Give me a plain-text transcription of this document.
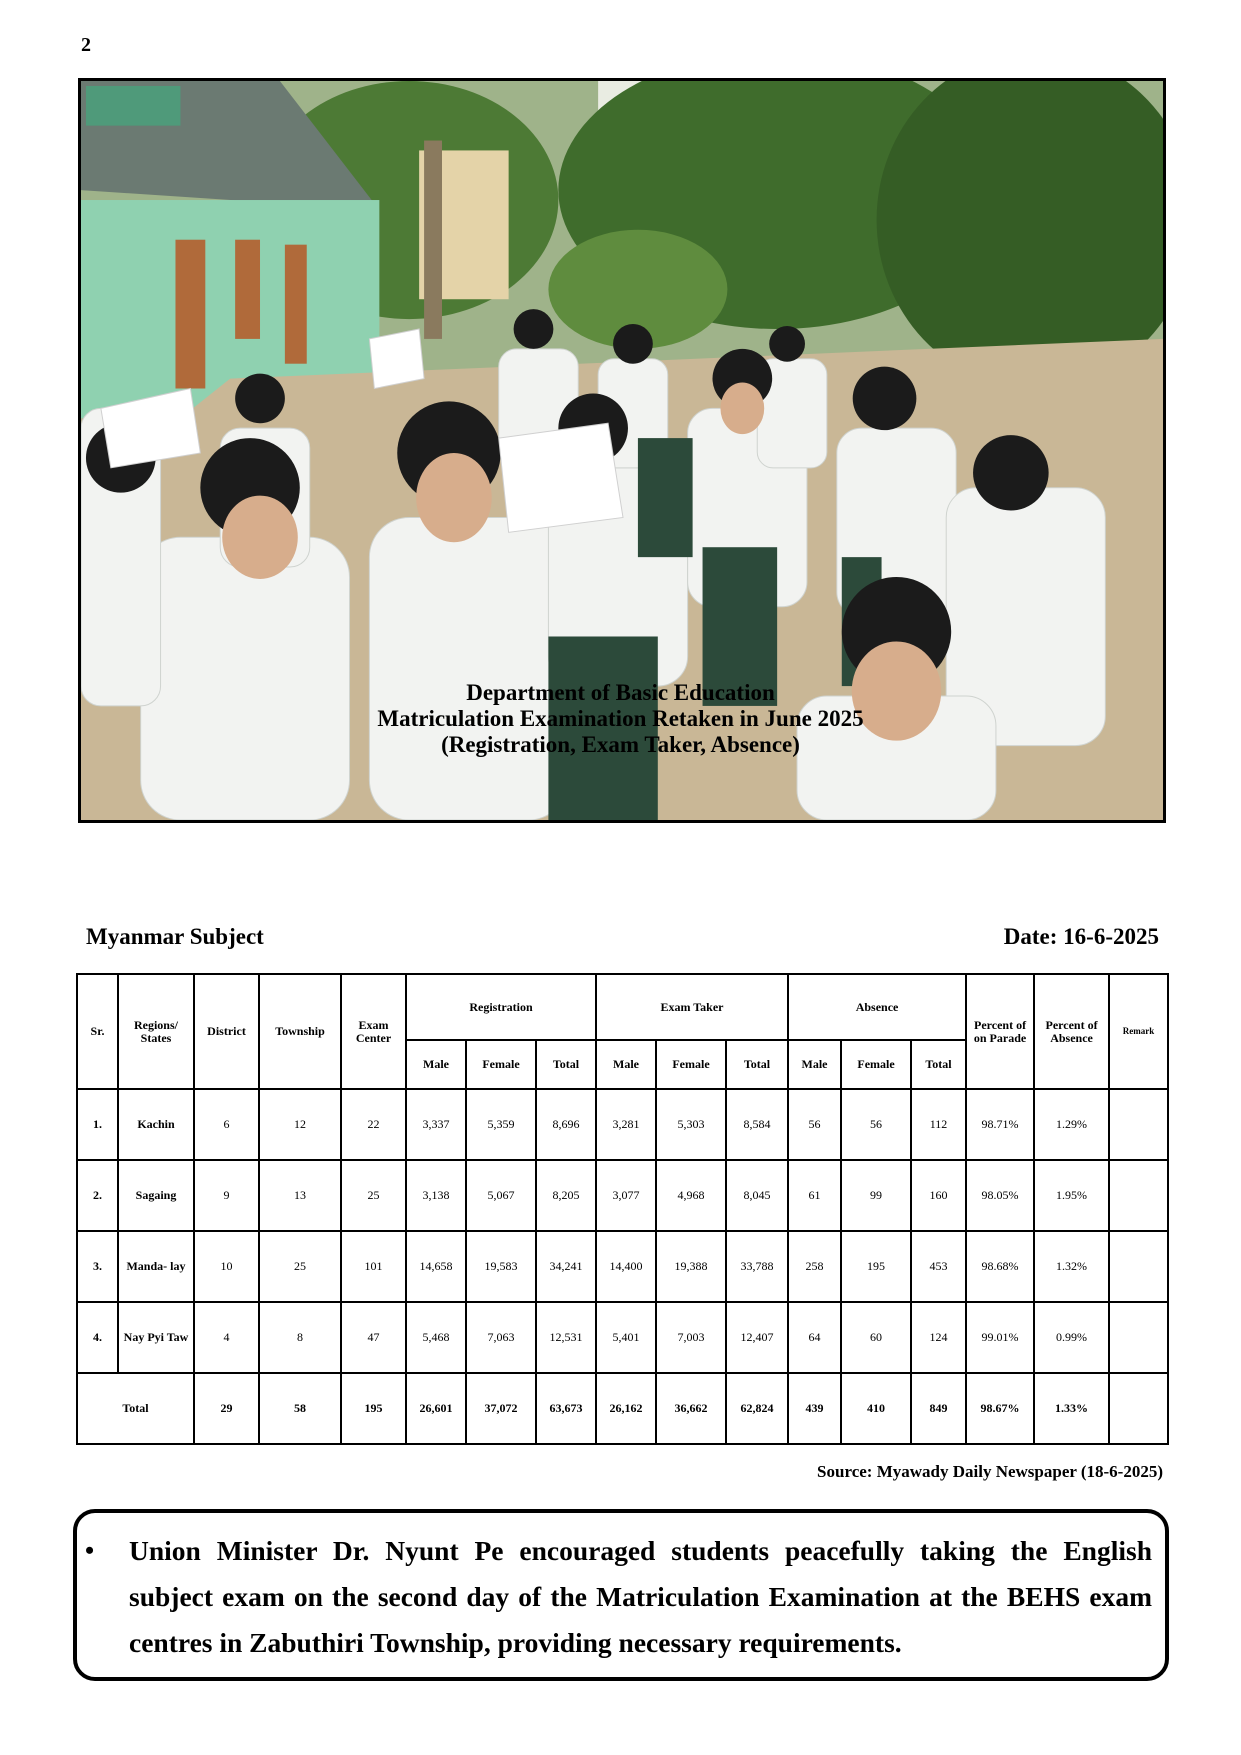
2
Department of Basic Education
Matriculation Examination Retaken in June 2025
(Registration, Exam Taker, Absence)
Myanmar Subject	Date: 16-6-2025
Sr.	Regions/ States	District	Township	Exam Center	Registration			Exam Taker			Absence			Percent of on Parade	Percent of Absence	Remark
					Male	Female	Total	Male	Female	Total	Male	Female	Total			
1.	Kachin	6	12	22	3,337	5,359	8,696	3,281	5,303	8,584	56	56	112	98.71%	1.29%	
2.	Sagaing	9	13	25	3,138	5,067	8,205	3,077	4,968	8,045	61	99	160	98.05%	1.95%	
3.	Manda- lay	10	25	101	14,658	19,583	34,241	14,400	19,388	33,788	258	195	453	98.68%	1.32%	
4.	Nay Pyi Taw	4	8	47	5,468	7,063	12,531	5,401	7,003	12,407	64	60	124	99.01%	0.99%	
Total		29	58	195	26,601	37,072	63,673	26,162	36,662	62,824	439	410	849	98.67%	1.33%	
Source: Myawady Daily Newspaper (18-6-2025)
• Union Minister Dr. Nyunt Pe encouraged students peacefully taking the English subject exam on the second day of the Matriculation Examination at the BEHS exam centres in Zabuthiri Township, providing necessary requirements.
